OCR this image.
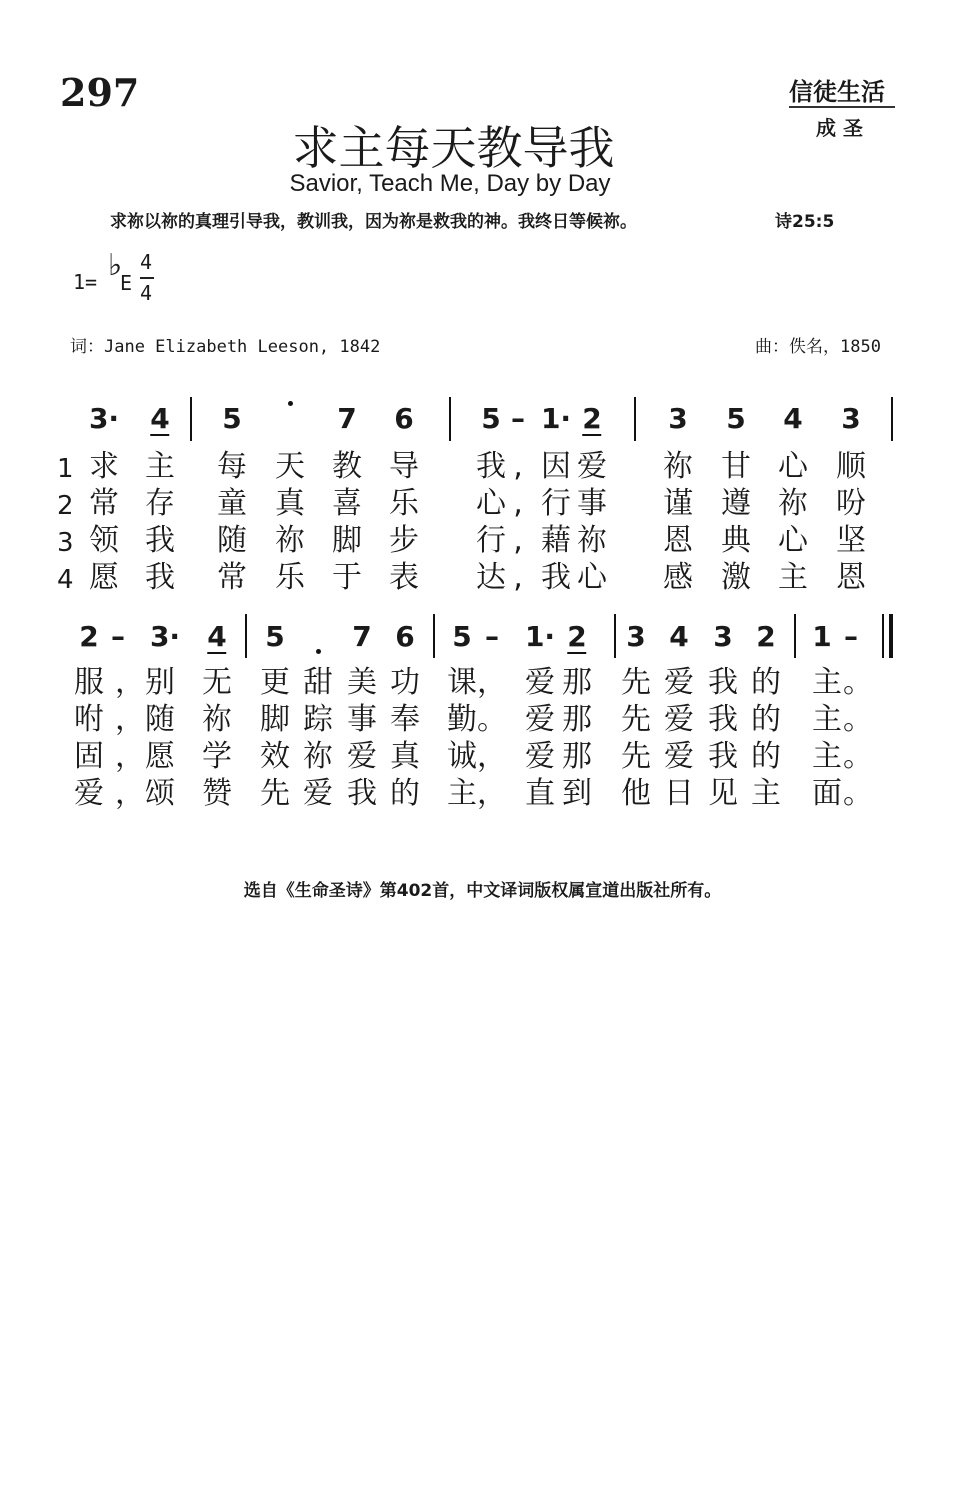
297	信徒生活
成 圣
求主每天教导我
Savior, Teach Me, Day by Day
求祢以祢的真理引导我，教训我，因为祢是救我的神。我终日等候祢。	诗25:5
1= ♭
E
4
4
词：Jane Elizabeth Leeson, 1842	曲：佚名，1850
3· 4 5	7 6 5 – 1· 2 3 5 4 3
1
2
3
4
求 主 每 天 教 导 我 , 因 爱 祢 甘 心 顺
常 存 童 真 喜 乐 心 , 行 事 谨 遵 祢 吩
领 我 随 祢 脚 步 行 , 藉 祢 恩 典 心 坚
愿 我 常 乐 于 表 达 , 我 心 感 激 主 恩
2 – 3· 4 5 7 6 5 – 1· 2 3 4 3 2 1 –
服 ， 别 无 更 甜 美 功 课 ， 爱 那 先 爱 我 的 主 。
咐 ， 随 祢 脚 踪 事 奉 勤 。 爱 那 先 爱 我 的 主 。
固 ， 愿 学 效 祢 爱 真 诚 ， 爱 那 先 爱 我 的 主 。
爱 ， 颂 赞 先 爱 我 的 主 ， 直 到 他 日 见 主 面 。
选自《生命圣诗》第402首，中文译词版权属宣道出版社所有。
